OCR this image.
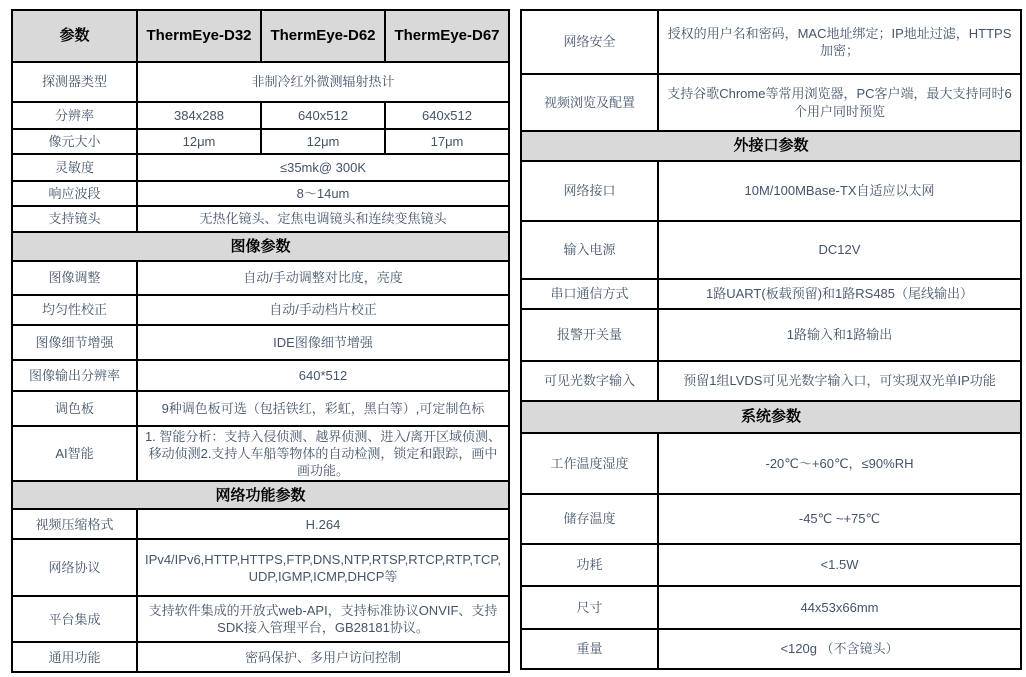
参数	ThermEye-D32	ThermEye-D62	ThermEye-D67
探测器类型	非制冷红外微测辐射热计		
分辨率	384x288	640x512	640x512
像元大小	12μm	12μm	17μm
灵敏度	≤35mk@ 300K		
响应波段	8～14um		
支持镜头	无热化镜头、定焦电调镜头和连续变焦镜头		
图像参数			
图像调整	自动/手动调整对比度，亮度		
均匀性校正	自动/手动档片校正		
图像细节增强	IDE图像细节增强		
图像输出分辨率	640*512		
调色板	9种调色板可选（包括铁红，彩虹，黑白等）,可定制色标		
AI智能	1. 智能分析：支持入侵侦测、越界侦测、进入/离开区域侦测、移动侦测2.支持人车船等物体的自动检测，锁定和跟踪，画中画功能。		
网络功能参数			
视频压缩格式	H.264		
网络协议	IPv4/IPv6,HTTP,HTTPS,FTP,DNS,NTP,RTSP,RTCP,RTP,TCP, UDP,IGMP,ICMP,DHCP等		
平台集成	支持软件集成的开放式web-API，支持标准协议ONVIF、支持SDK接入管理平台，GB28181协议。		
通用功能	密码保护、多用户访问控制		
网络安全	授权的用户名和密码，MAC地址绑定；IP地址过滤，HTTPS加密；
视频浏览及配置	支持谷歌Chrome等常用浏览器，PC客户端，最大支持同时6个用户同时预览
外接口参数	
网络接口	10M/100MBase-TX自适应以太网
输入电源	DC12V
串口通信方式	1路UART(板载预留)和1路RS485（尾线输出）
报警开关量	1路输入和1路输出
可见光数字输入	预留1组LVDS可见光数字输入口，可实现双光单IP功能
系统参数	
工作温度湿度	-20℃～+60℃，≤90%RH
储存温度	-45℃ ~+75℃
功耗	<1.5W
尺寸	44x53x66mm
重量	<120g （不含镜头）
